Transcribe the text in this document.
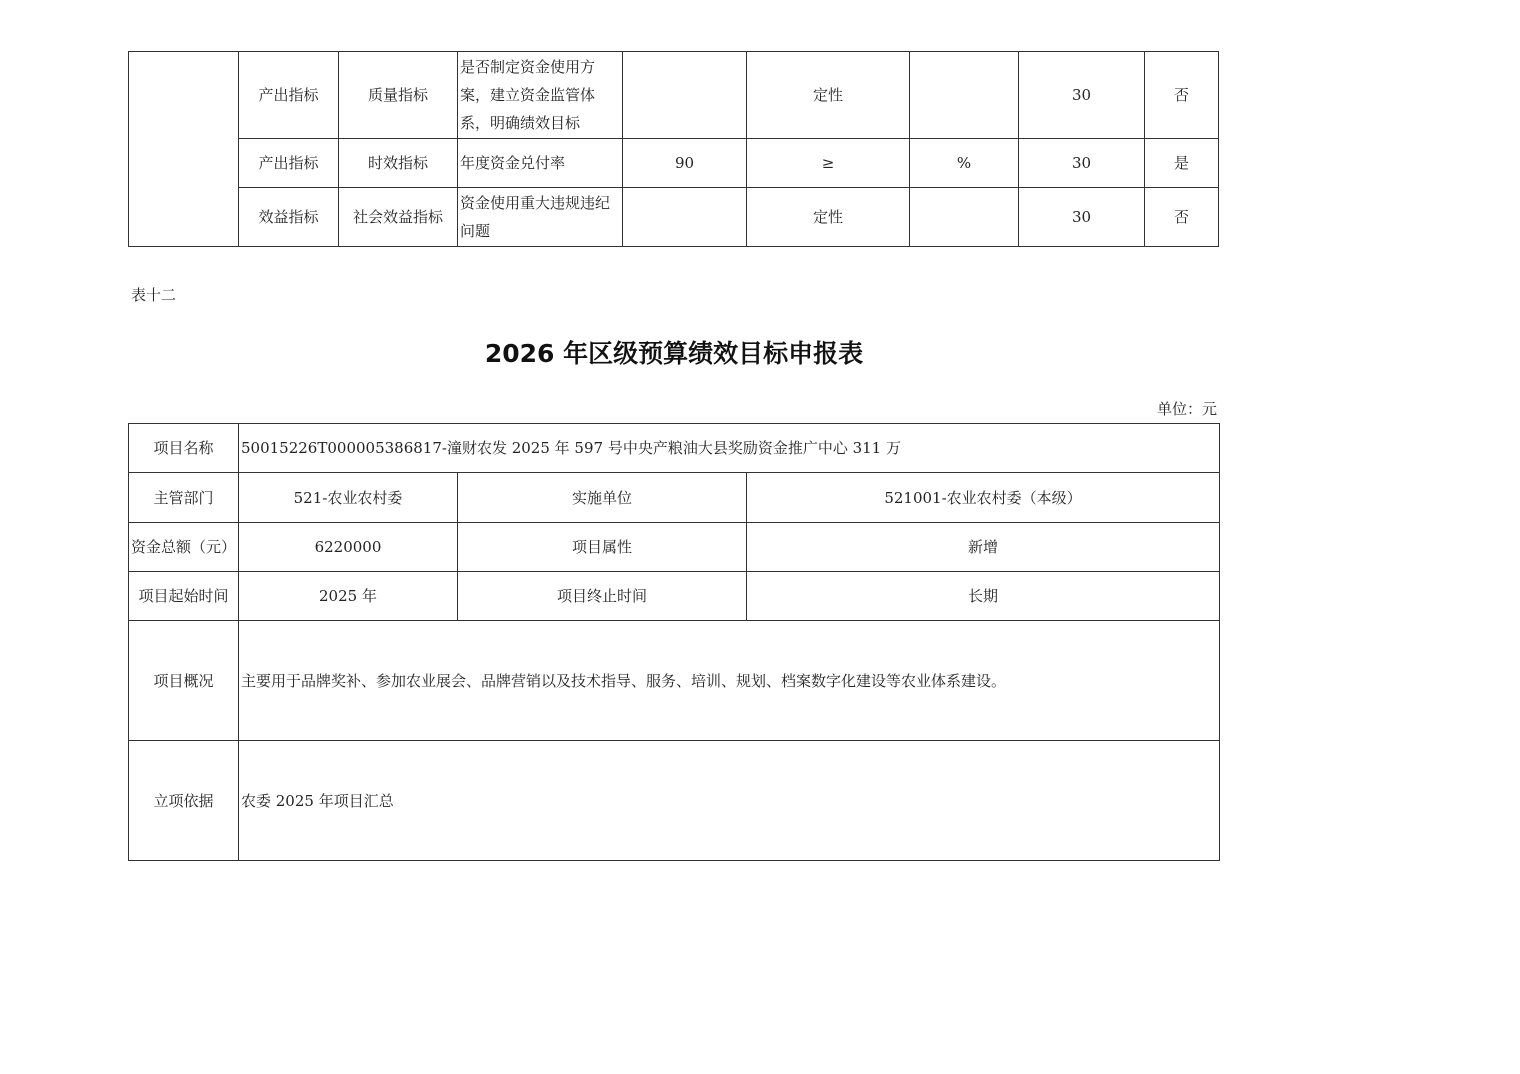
	产出指标	质量指标	是否制定资金使用方案，建立资金监管体系，明确绩效目标		定性		30	否
	产出指标	时效指标	年度资金兑付率	90	≥	%	30	是
	效益指标	社会效益指标	资金使用重大违规违纪问题		定性		30	否
表十二
2026 年区级预算绩效目标申报表
单位：元
项目名称	50015226T000005386817-潼财农发 2025 年 597 号中央产粮油大县奖励资金推广中心 311 万		
主管部门	521-农业农村委	实施单位	521001-农业农村委（本级）
资金总额（元）	6220000	项目属性	新增
项目起始时间	2025 年	项目终止时间	长期
项目概况	主要用于品牌奖补、参加农业展会、品牌营销以及技术指导、服务、培训、规划、档案数字化建设等农业体系建设。		
立项依据	农委 2025 年项目汇总		
